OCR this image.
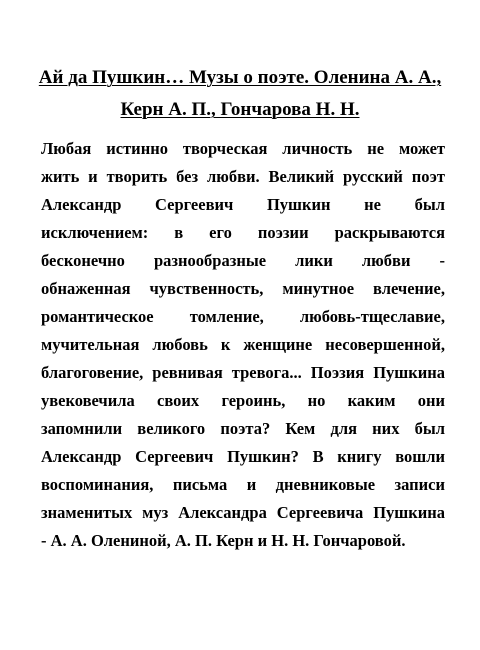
Ай да Пушкин… Музы о поэте. Оленина А. А.,
Керн А. П., Гончарова Н. Н.
Любая истинно творческая личность не может
жить и творить без любви. Великий русский поэт
Александр Сергеевич Пушкин не был
исключением: в его поэзии раскрываются
бесконечно разнообразные лики любви -
обнаженная чувственность, минутное влечение,
романтическое томление, любовь-тщеславие,
мучительная любовь к женщине несовершенной,
благоговение, ревнивая тревога... Поэзия Пушкина
увековечила своих героинь, но каким они
запомнили великого поэта? Кем для них был
Александр Сергеевич Пушкин? В книгу вошли
воспоминания, письма и дневниковые записи
знаменитых муз Александра Сергеевича Пушкина
- А. А. Олениной, А. П. Керн и Н. Н. Гончаровой.
